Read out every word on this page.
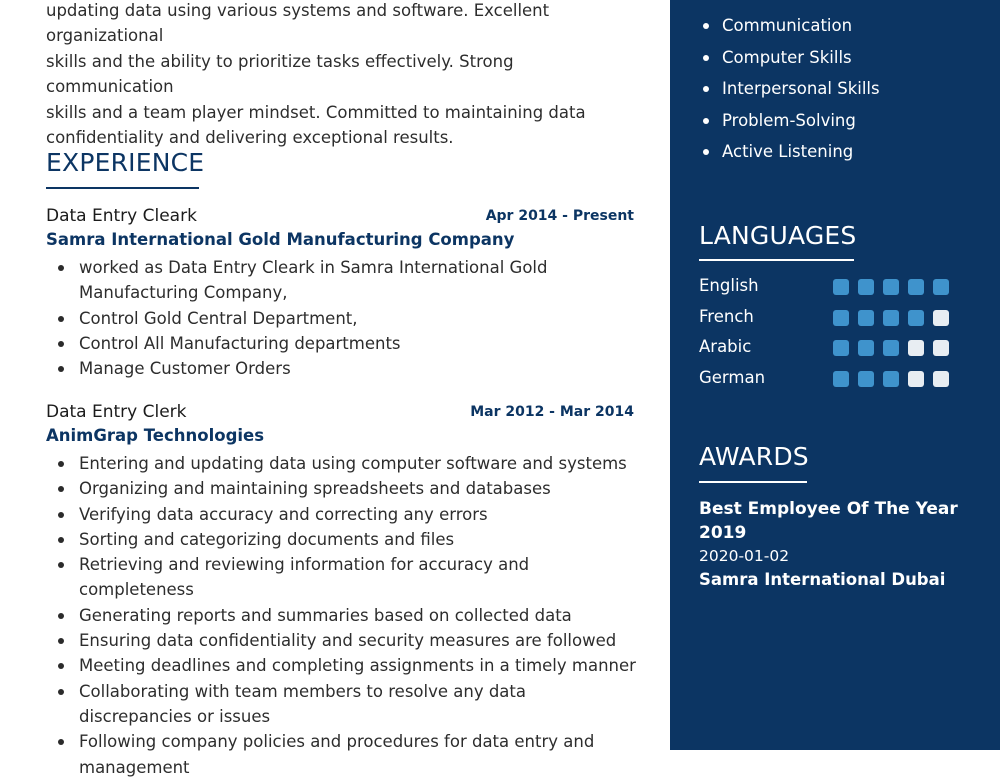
updating data using various systems and software. Excellent organizational
skills and the ability to prioritize tasks effectively. Strong communication
skills and a team player mindset. Committed to maintaining data
confidentiality and delivering exceptional results.
EXPERIENCE
Data Entry Cleark	Apr 2014 - Present
Samra International Gold Manufacturing Company
worked as Data Entry Cleark in Samra International Gold Manufacturing Company,
Control Gold Central Department,
Control All Manufacturing departments
Manage Customer Orders
Data Entry Clerk	Mar 2012 - Mar 2014
AnimGrap Technologies
Entering and updating data using computer software and systems
Organizing and maintaining spreadsheets and databases
Verifying data accuracy and correcting any errors
Sorting and categorizing documents and files
Retrieving and reviewing information for accuracy and completeness
Generating reports and summaries based on collected data
Ensuring data confidentiality and security measures are followed
Meeting deadlines and completing assignments in a timely manner
Collaborating with team members to resolve any data discrepancies or issues
Following company policies and procedures for data entry and management
Communication
Computer Skills
Interpersonal Skills
Problem-Solving
Active Listening
LANGUAGES
English
French
Arabic
German
AWARDS
Best Employee Of The Year
2019
2020-01-02
Samra International Dubai
